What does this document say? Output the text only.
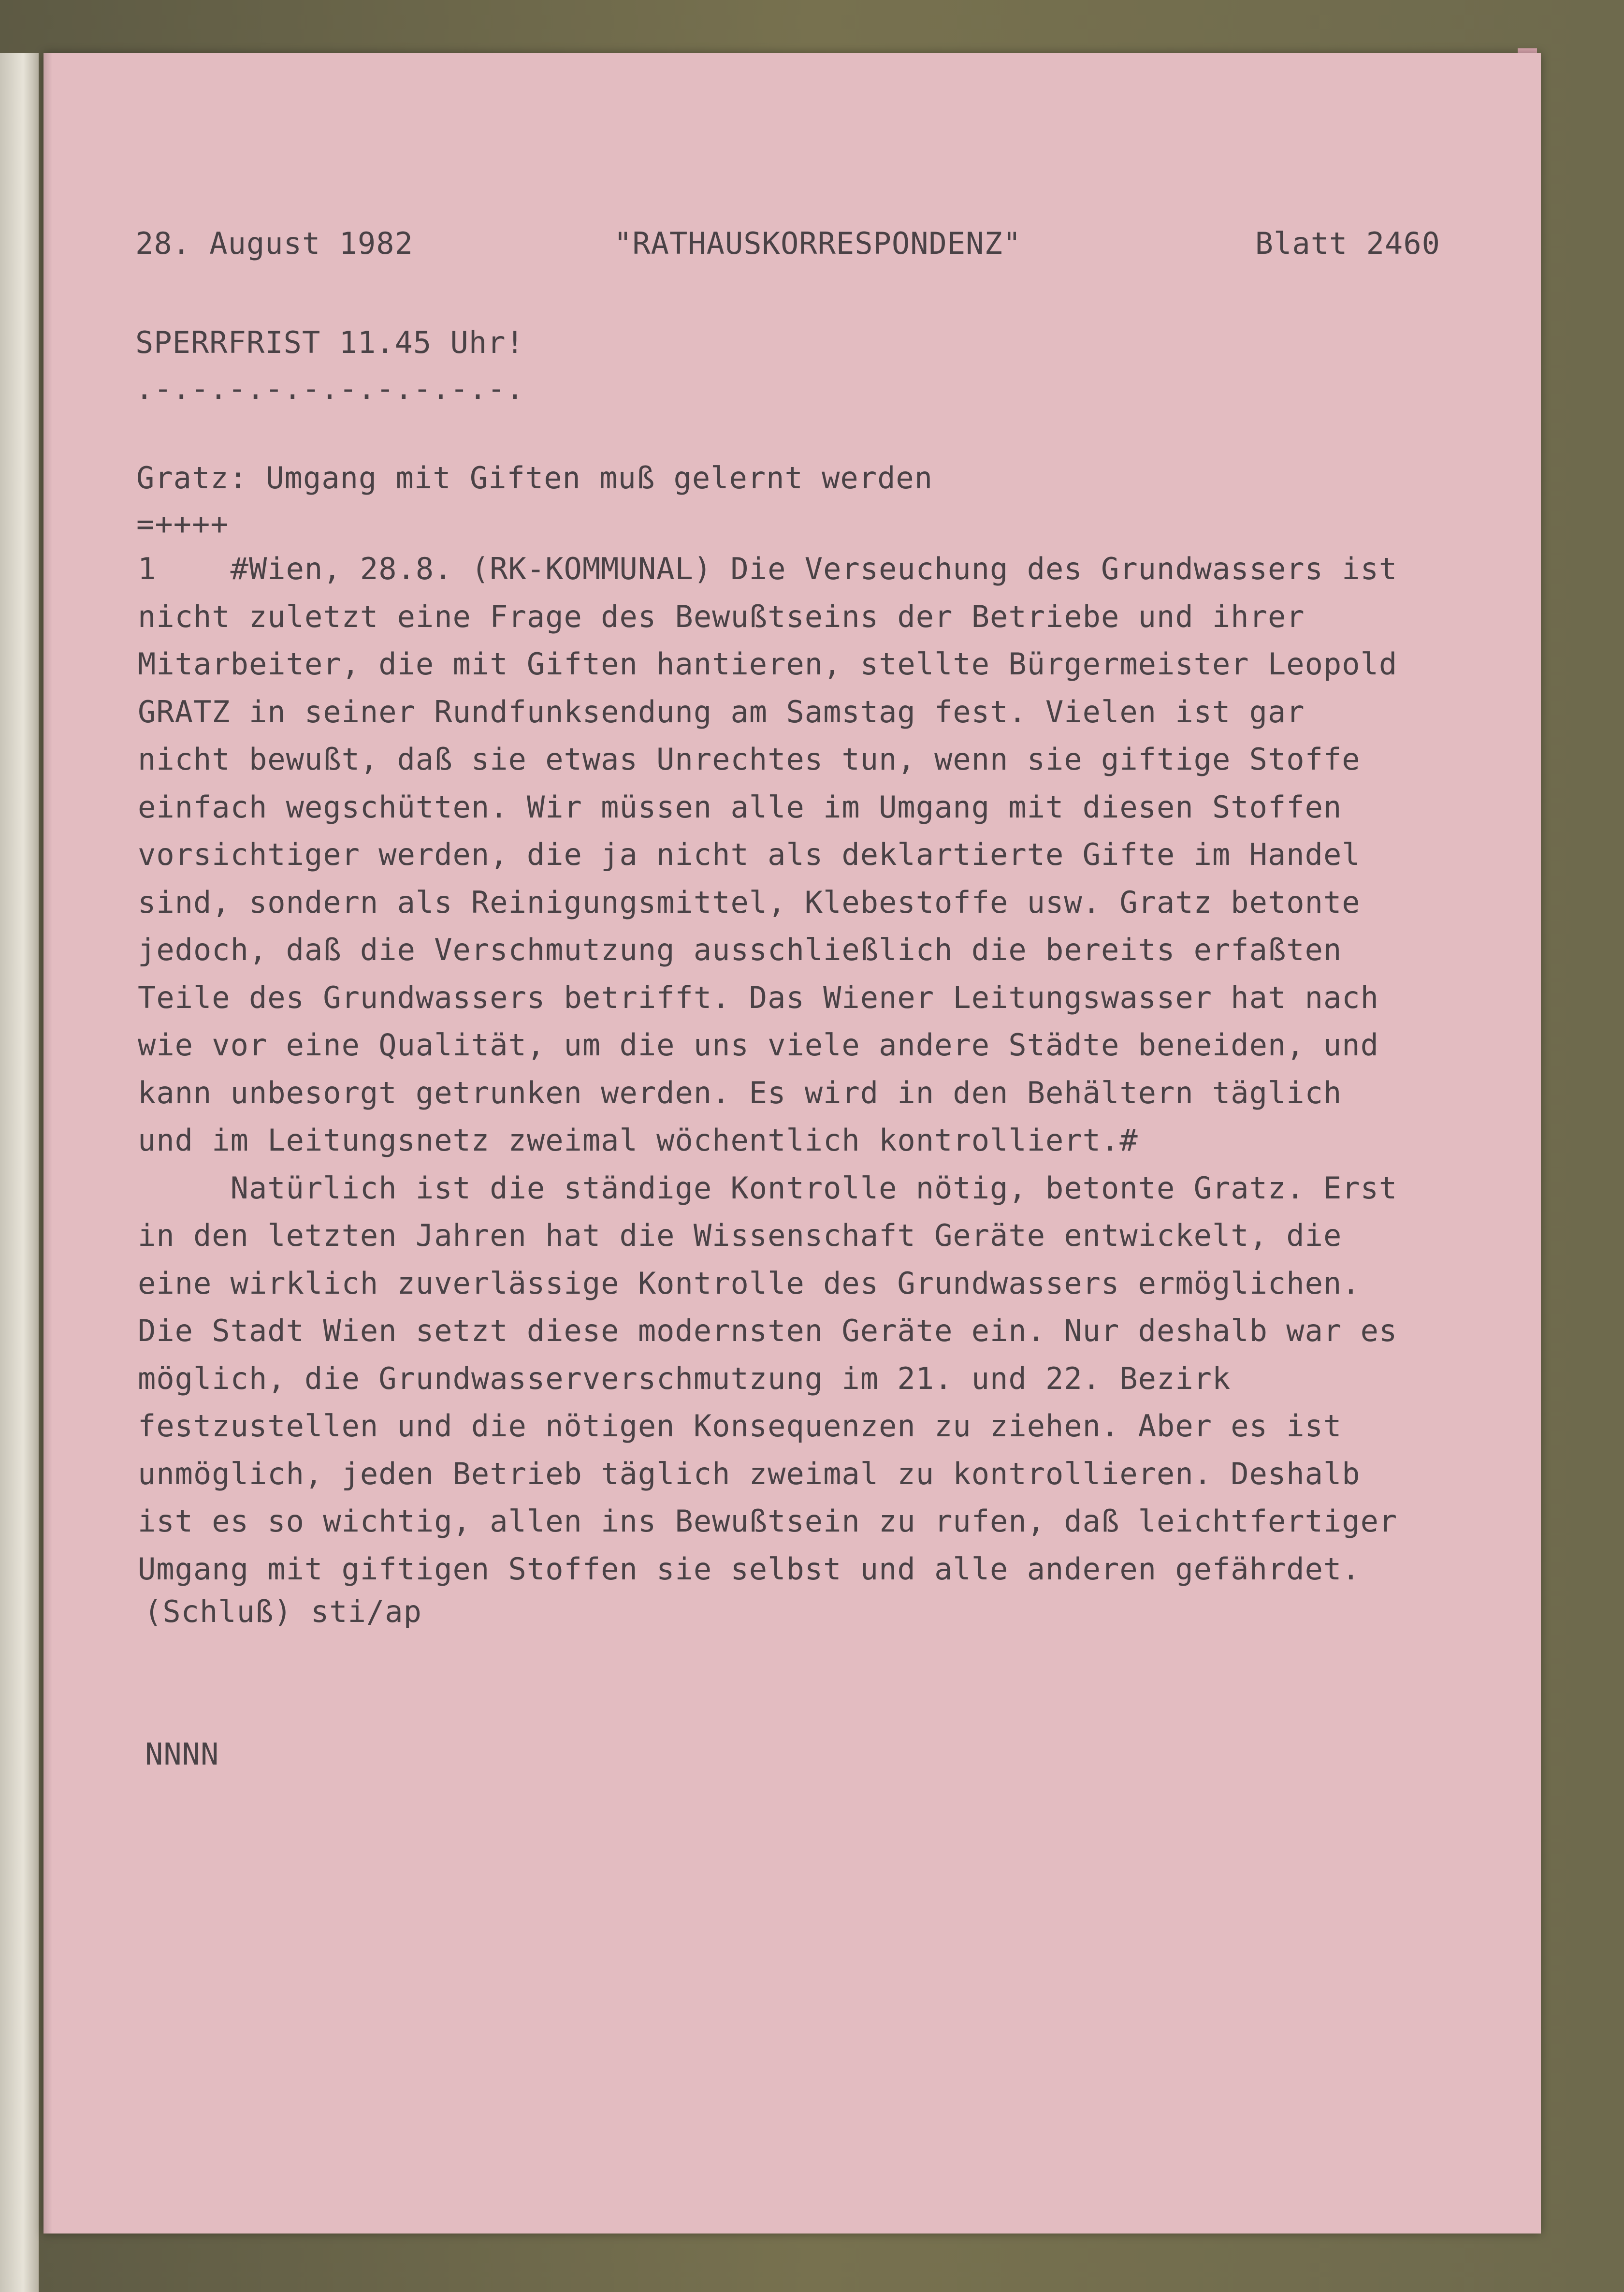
28. August 1982	"RATHAUSKORRESPONDENZ"	Blatt 2460
SPERRFRIST 11.45 Uhr!
.-.-.-.-.-.-.-.-.-.-.
Gratz: Umgang mit Giften muß gelernt werden
=++++
1    #Wien, 28.8. (RK-KOMMUNAL) Die Verseuchung des Grundwassers ist
nicht zuletzt eine Frage des Bewußtseins der Betriebe und ihrer
Mitarbeiter, die mit Giften hantieren, stellte Bürgermeister Leopold
GRATZ in seiner Rundfunksendung am Samstag fest. Vielen ist gar
nicht bewußt, daß sie etwas Unrechtes tun, wenn sie giftige Stoffe
einfach wegschütten. Wir müssen alle im Umgang mit diesen Stoffen
vorsichtiger werden, die ja nicht als deklartierte Gifte im Handel
sind, sondern als Reinigungsmittel, Klebestoffe usw. Gratz betonte
jedoch, daß die Verschmutzung ausschließlich die bereits erfaßten
Teile des Grundwassers betrifft. Das Wiener Leitungswasser hat nach
wie vor eine Qualität, um die uns viele andere Städte beneiden, und
kann unbesorgt getrunken werden. Es wird in den Behältern täglich
und im Leitungsnetz zweimal wöchentlich kontrolliert.#
Natürlich ist die ständige Kontrolle nötig, betonte Gratz. Erst
in den letzten Jahren hat die Wissenschaft Geräte entwickelt, die
eine wirklich zuverlässige Kontrolle des Grundwassers ermöglichen.
Die Stadt Wien setzt diese modernsten Geräte ein. Nur deshalb war es
möglich, die Grundwasserverschmutzung im 21. und 22. Bezirk
festzustellen und die nötigen Konsequenzen zu ziehen. Aber es ist
unmöglich, jeden Betrieb täglich zweimal zu kontrollieren. Deshalb
ist es so wichtig, allen ins Bewußtsein zu rufen, daß leichtfertiger
Umgang mit giftigen Stoffen sie selbst und alle anderen gefährdet.
(Schluß) sti/ap
NNNN
